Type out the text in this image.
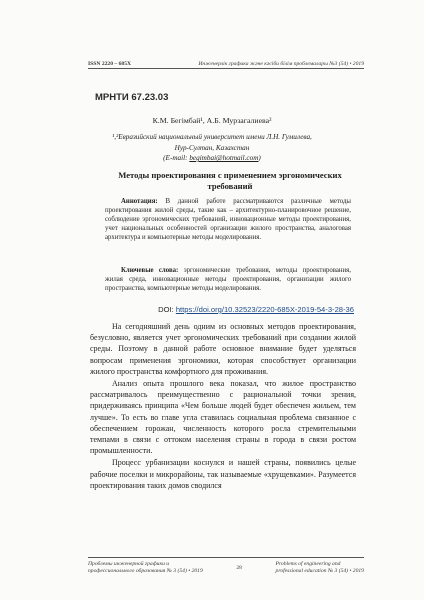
ISSN 2220 – 685X	Инженерлік графика және кәсіби білім проблемалары №3 (54) • 2019
МРНТИ 67.23.03
К.М. Бегімбай¹, А.Б. Мурзагалиева²
¹,²Евразийский национальный университет имени Л.Н. Гумилева,
Нур-Султан, Казахстан
(E-mail: begimbai@hotmail.com)
Методы проектирования с применением эргономических требований
Аннотация: В данной работе рассматриваются различные методы проектирования жилой среды, такие как – архитектурно-планировочное решение, соблюдение эргономических требований, инновационные методы проектирования, учет национальных особенностей организации жилого пространства, аналоговая архитектура и компьютерные методы моделирования.
Ключевые слова: эргономические требования, методы проектирования, жилая среда, инновационные методы проектирования, организации жилого пространства, компьютерные методы моделирования.
DOI: https://doi.org/10.32523/2220-685X-2019-54-3-28-36

На сегодняшний день одним из основных методов проектирования, безусловно, является учет эргономических требований при создании жилой среды. Поэтому в данной работе основное внимание будет уделяться вопросам применения эргономики, которая способствует организации жилого пространства комфортного для проживания.

Анализ опыта прошлого века показал, что жилое пространство рассматривалось преимущественно с рациональной точки зрения, придерживаясь принципа «Чем больше людей будет обеспечен жильем, тем лучше». То есть во главе угла ставилась социальная проблема связанное с обеспечением горожан, численность которого росла стремительными темпами в связи с оттоком населения страны в города в связи ростом промышленности.

Процесс урбанизации коснулся и нашей страны, появились целые рабочие поселки и микрорайоны, так называемые «хрущевками». Разумеется проектирования таких домов сводился

Проблемы инженерной графики и
профессионального образования № 3 (54) • 2019	28
Problems of engineering and
professional education № 3 (54) • 2019
